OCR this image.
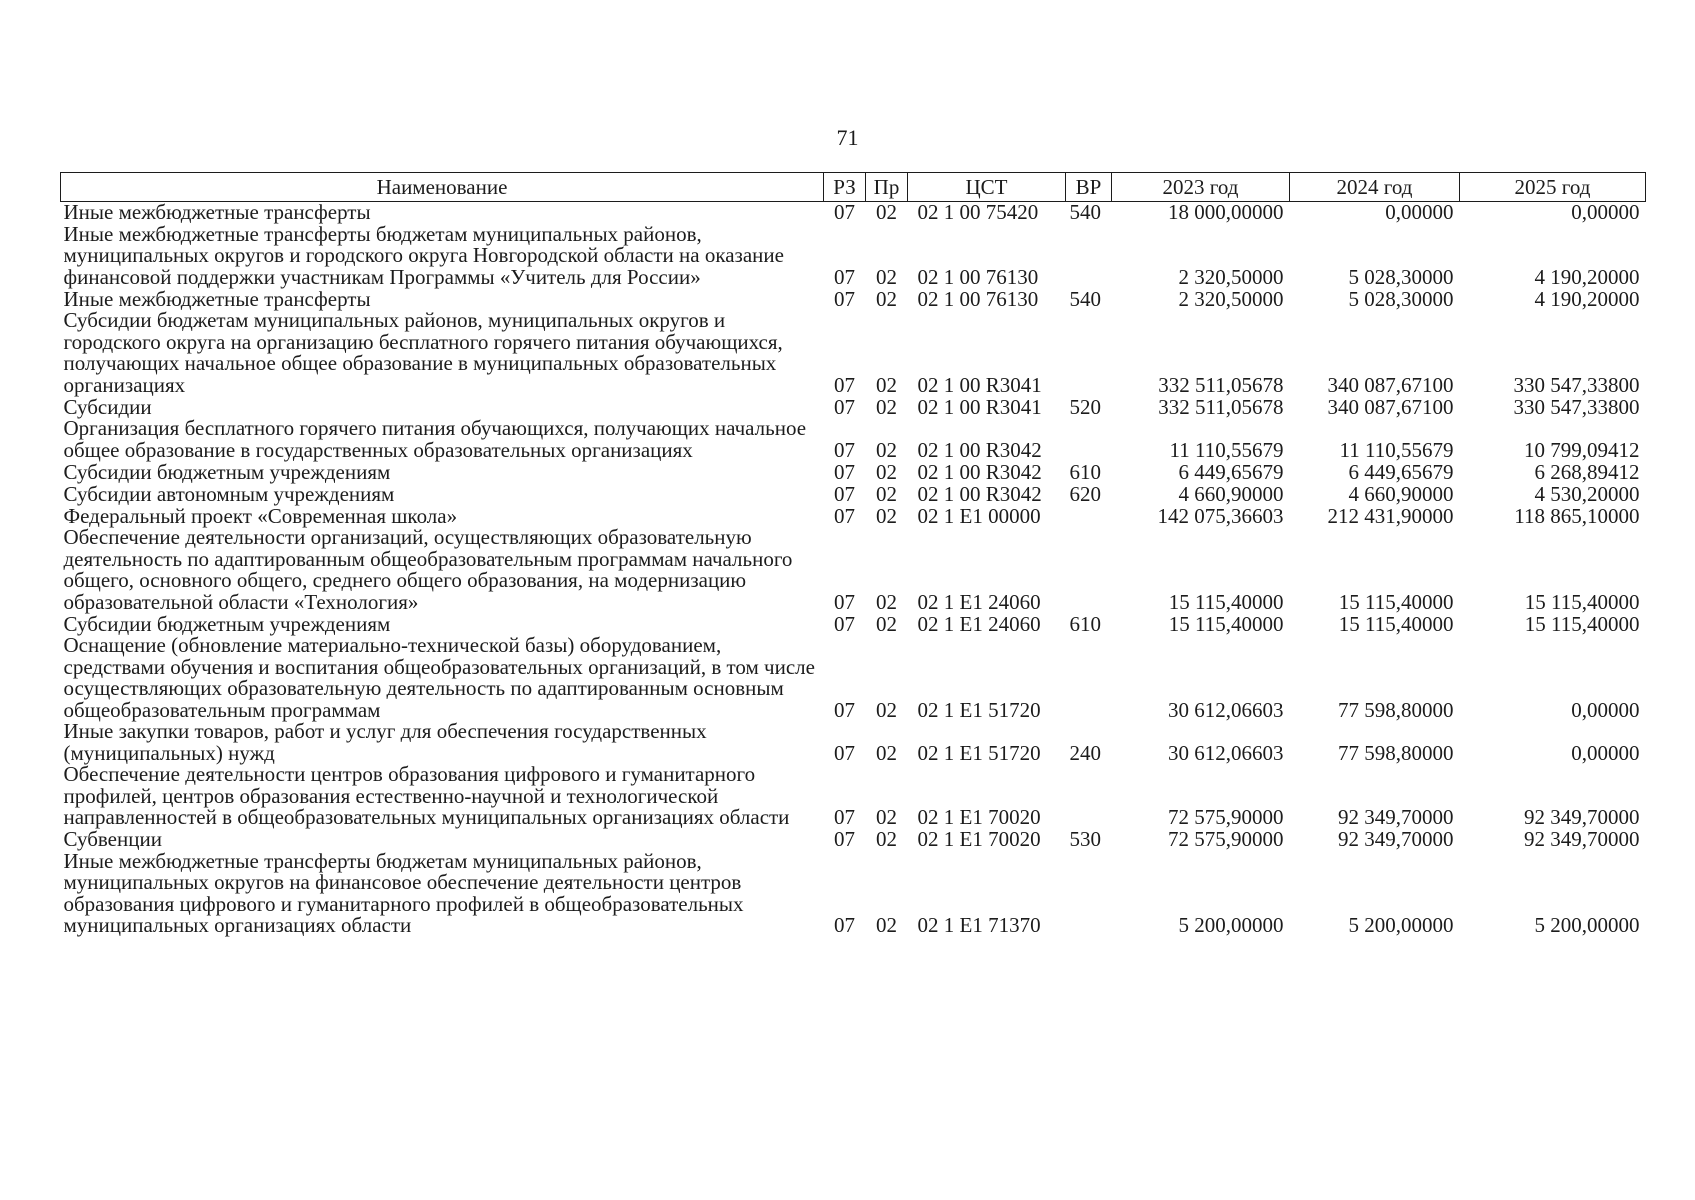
71
Наименование	РЗ	Пр	ЦСТ	ВР	2023 год	2024 год	2025 год
Иные межбюджетные трансферты	07	02	02 1 00 75420	540	18 000,00000	0,00000	0,00000
Иные межбюджетные трансферты бюджетам муниципальных районов, муниципальных округов и городского округа Новгородской области на оказание финансовой поддержки участникам Программы «Учитель для России»	07	02	02 1 00 76130		2 320,50000	5 028,30000	4 190,20000
Иные межбюджетные трансферты	07	02	02 1 00 76130	540	2 320,50000	5 028,30000	4 190,20000
Субсидии бюджетам муниципальных районов, муниципальных округов и городского округа на организацию бесплатного горячего питания обучающихся, получающих начальное общее образование в муниципальных образовательных организациях	07	02	02 1 00 R3041		332 511,05678	340 087,67100	330 547,33800
Субсидии	07	02	02 1 00 R3041	520	332 511,05678	340 087,67100	330 547,33800
Организация бесплатного горячего питания обучающихся, получающих начальное общее образование в государственных образовательных организациях	07	02	02 1 00 R3042		11 110,55679	11 110,55679	10 799,09412
Субсидии бюджетным учреждениям	07	02	02 1 00 R3042	610	6 449,65679	6 449,65679	6 268,89412
Субсидии автономным учреждениям	07	02	02 1 00 R3042	620	4 660,90000	4 660,90000	4 530,20000
Федеральный проект «Современная школа»	07	02	02 1 E1 00000		142 075,36603	212 431,90000	118 865,10000
Обеспечение деятельности организаций, осуществляющих образовательную деятельность по адаптированным общеобразовательным программам начального общего, основного общего, среднего общего образования, на модернизацию образовательной области «Технология»	07	02	02 1 E1 24060		15 115,40000	15 115,40000	15 115,40000
Субсидии бюджетным учреждениям	07	02	02 1 E1 24060	610	15 115,40000	15 115,40000	15 115,40000
Оснащение (обновление материально-технической базы) оборудованием, средствами обучения и воспитания общеобразовательных организаций, в том числе осуществляющих образовательную деятельность по адаптированным основным общеобразовательным программам	07	02	02 1 E1 51720		30 612,06603	77 598,80000	0,00000
Иные закупки товаров, работ и услуг для обеспечения государственных (муниципальных) нужд	07	02	02 1 E1 51720	240	30 612,06603	77 598,80000	0,00000
Обеспечение деятельности центров образования цифрового и гуманитарного профилей, центров образования естественно-научной и технологической направленностей в общеобразовательных муниципальных организациях области	07	02	02 1 E1 70020		72 575,90000	92 349,70000	92 349,70000
Субвенции	07	02	02 1 E1 70020	530	72 575,90000	92 349,70000	92 349,70000
Иные межбюджетные трансферты бюджетам муниципальных районов, муниципальных округов на финансовое обеспечение деятельности центров образования цифрового и гуманитарного профилей в общеобразовательных муниципальных организациях области	07	02	02 1 E1 71370		5 200,00000	5 200,00000	5 200,00000
